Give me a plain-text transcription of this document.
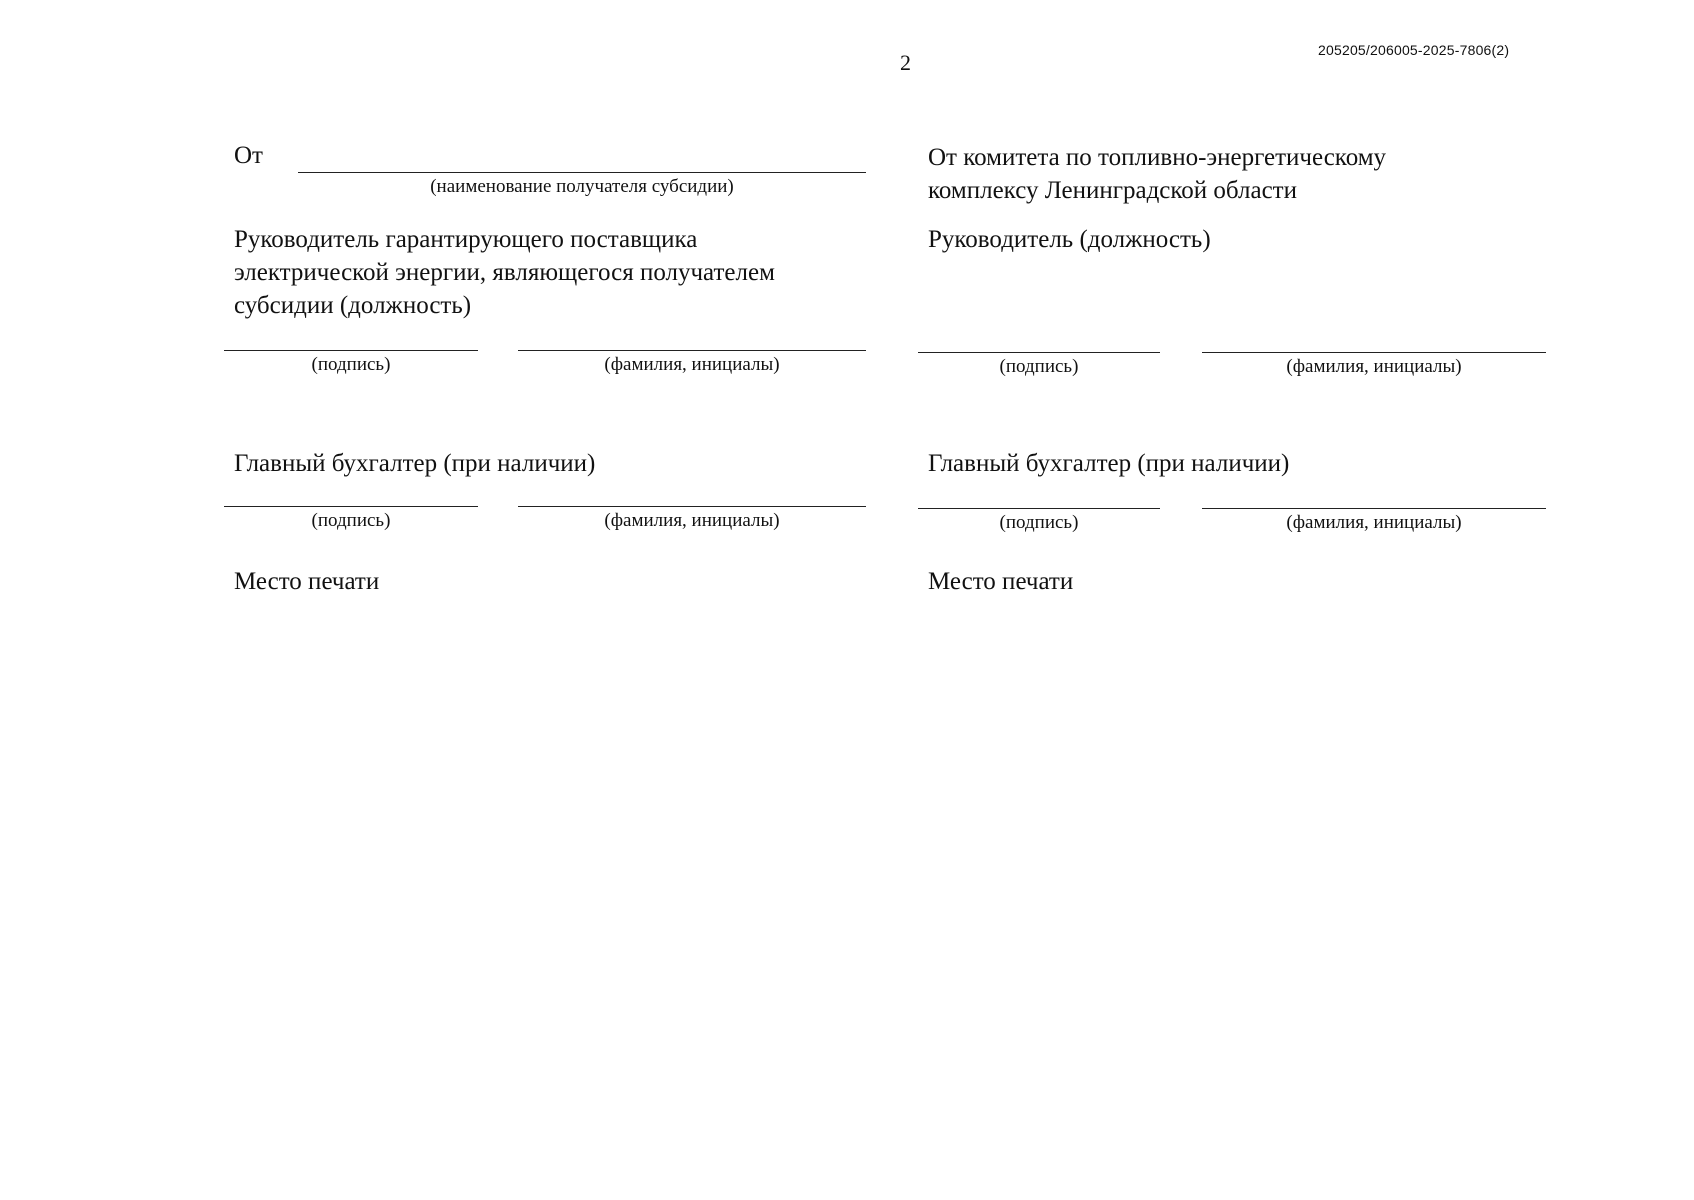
2	205205/206005-2025-7806(2)
От
(наименование получателя субсидии)
Руководитель гарантирующего поставщика
электрической энергии, являющегося получателем
субсидии (должность)
(подпись)	(фамилия, инициалы)
Главный бухгалтер (при наличии)
(подпись)	(фамилия, инициалы)
Место печати
От комитета по топливно-энергетическому
комплексу Ленинградской области
Руководитель (должность)
(подпись)	(фамилия, инициалы)
Главный бухгалтер (при наличии)
(подпись)	(фамилия, инициалы)
Место печати
